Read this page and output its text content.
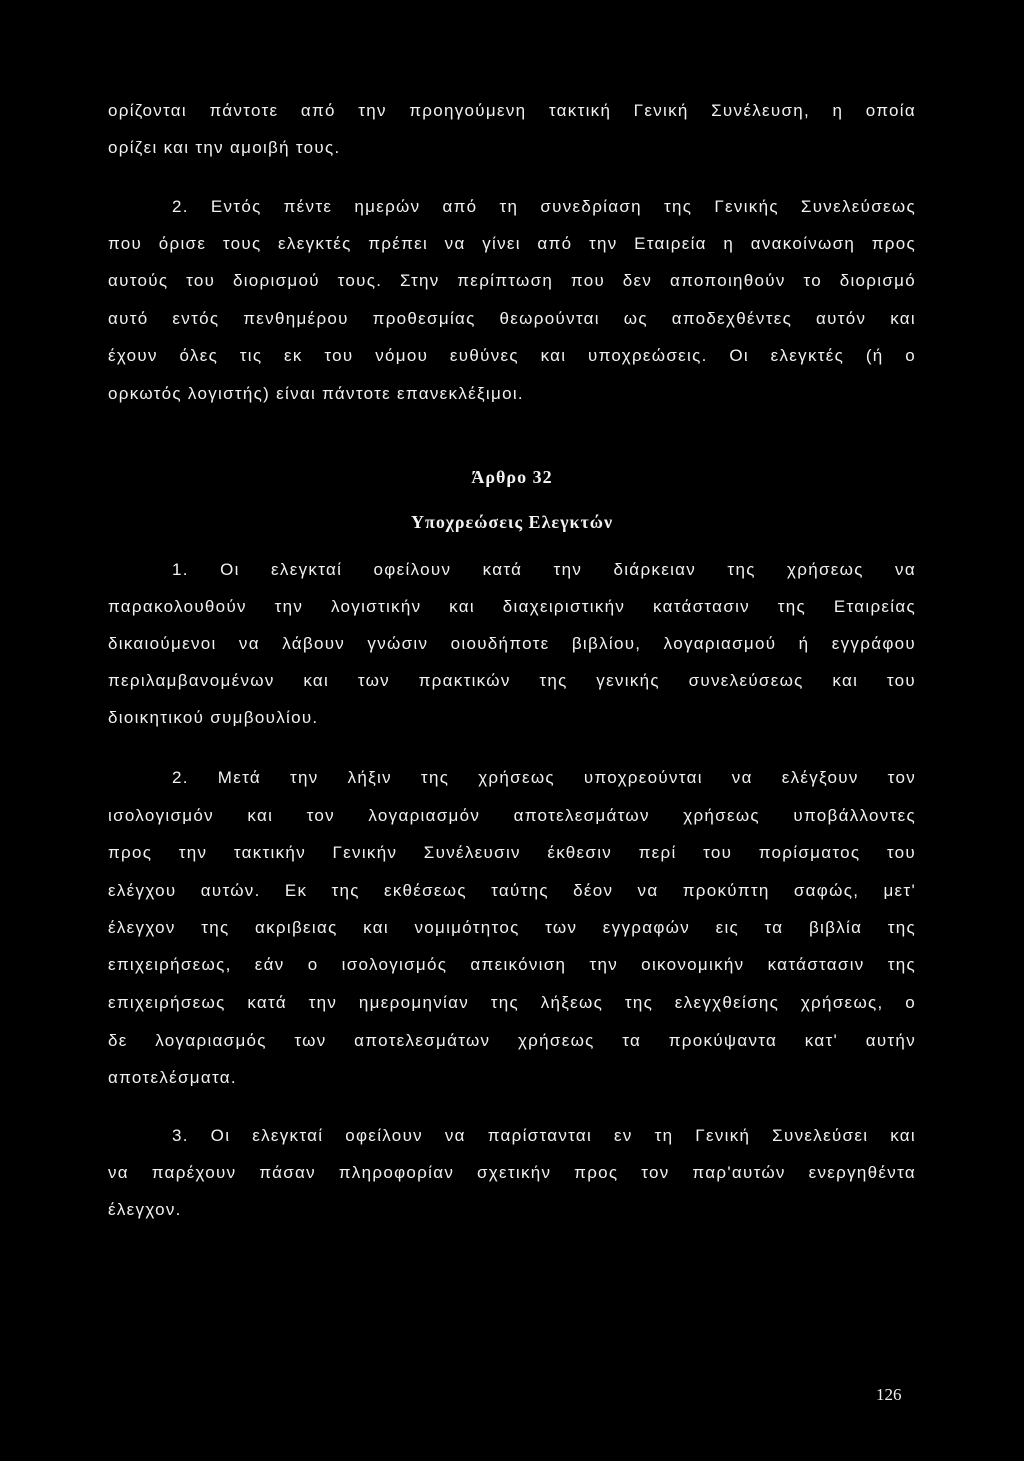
ορίζονται πάντοτε από την προηγούμενη τακτική Γενική Συνέλευση, η οποία
ορίζει και την αμοιβή τους.
2. Εντός πέντε ημερών από τη συνεδρίαση της Γενικής Συνελεύσεως
που όρισε τους ελεγκτές πρέπει να γίνει από την Εταιρεία η ανακοίνωση προς
αυτούς του διορισμού τους. Στην περίπτωση που δεν αποποιηθούν το διορισμό
αυτό εντός πενθημέρου προθεσμίας θεωρούνται ως αποδεχθέντες αυτόν και
έχουν όλες τις εκ του νόμου ευθύνες και υποχρεώσεις. Οι ελεγκτές (ή ο
ορκωτός λογιστής) είναι πάντοτε επανεκλέξιμοι.
Άρθρο 32
Υποχρεώσεις Ελεγκτών
1. Οι ελεγκταί οφείλουν κατά την διάρκειαν της χρήσεως να
παρακολουθούν την λογιστικήν και διαχειριστικήν κατάστασιν της Εταιρείας
δικαιούμενοι να λάβουν γνώσιν οιουδήποτε βιβλίου, λογαριασμού ή εγγράφου
περιλαμβανομένων και των πρακτικών της γενικής συνελεύσεως και του
διοικητικού συμβουλίου.
2. Μετά την λήξιν της χρήσεως υποχρεούνται να ελέγξουν τον
ισολογισμόν και τον λογαριασμόν αποτελεσμάτων χρήσεως υποβάλλοντες
προς την τακτικήν Γενικήν Συνέλευσιν έκθεσιν περί του πορίσματος του
ελέγχου αυτών. Εκ της εκθέσεως ταύτης δέον να προκύπτη σαφώς, μετ'
έλεγχον της ακριβειας και νομιμότητος των εγγραφών εις τα βιβλία της
επιχειρήσεως, εάν ο ισολογισμός απεικόνιση την οικονομικήν κατάστασιν της
επιχειρήσεως κατά την ημερομηνίαν της λήξεως της ελεγχθείσης χρήσεως, ο
δε λογαριασμός των αποτελεσμάτων χρήσεως τα προκύψαντα κατ' αυτήν
αποτελέσματα.
3. Οι ελεγκταί οφείλουν να παρίστανται εν τη Γενική Συνελεύσει και
να παρέχουν πάσαν πληροφορίαν σχετικήν προς τον παρ'αυτών ενεργηθέντα
έλεγχον.
126
